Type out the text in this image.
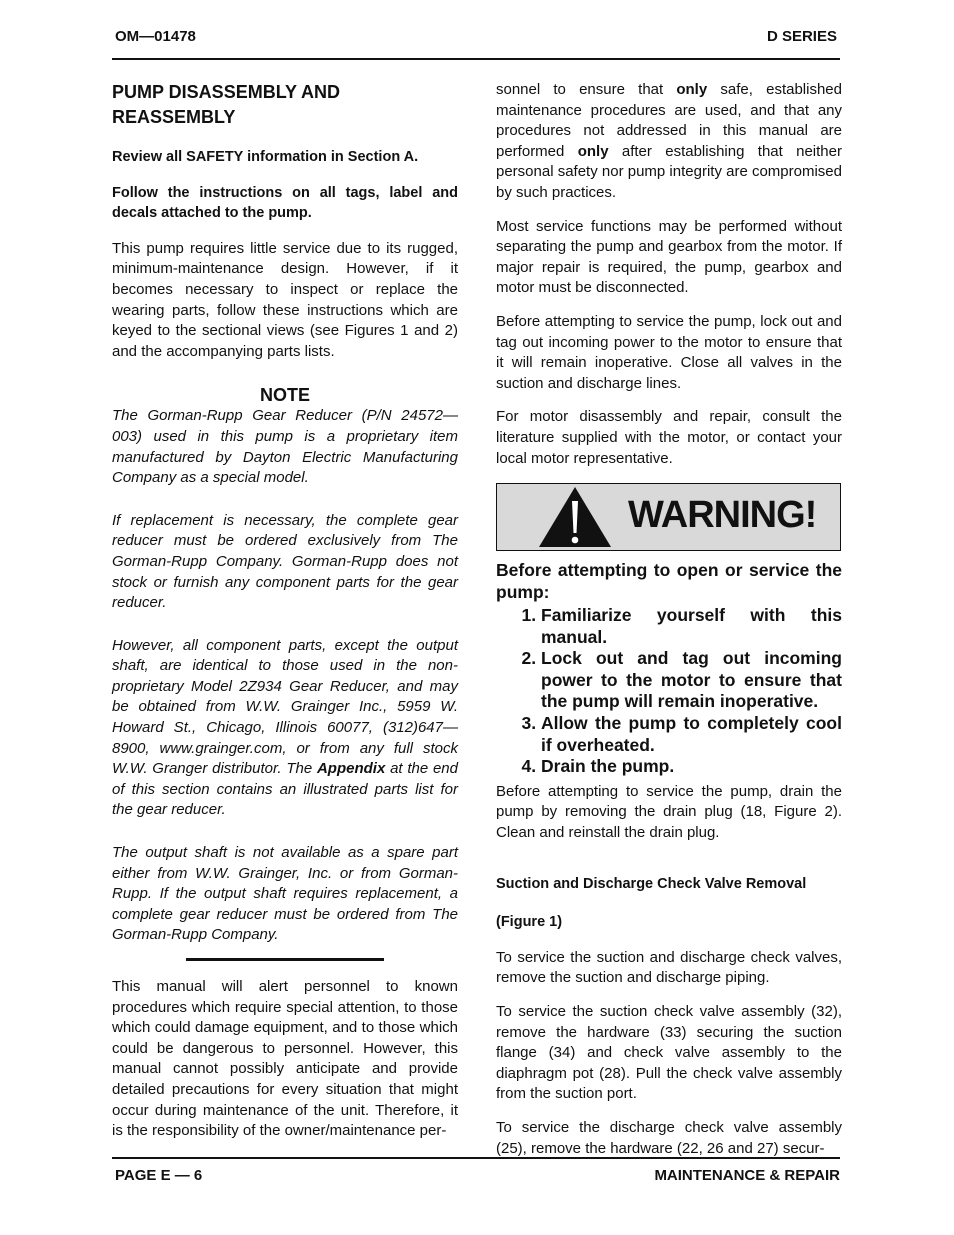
OM—01478	D SERIES

PUMP DISASSEMBLY AND REASSEMBLY

Review all SAFETY information in Section A.

Follow the instructions on all tags, label and decals attached to the pump.

This pump requires little service due to its rugged, minimum-maintenance design. However, if it becomes necessary to inspect or replace the wearing parts, follow these instructions which are keyed to the sectional views (see Figures 1 and 2) and the accompanying parts lists.

NOTE

The Gorman-Rupp Gear Reducer (P/N 24572—003) used in this pump is a proprietary item manufactured by Dayton Electric Manufacturing Company as a special model.

If replacement is necessary, the complete gear reducer must be ordered exclusively from The Gorman-Rupp Company. Gorman-Rupp does not stock or furnish any component parts for the gear reducer.

However, all component parts, except the output shaft, are identical to those used in the non-proprietary Model 2Z934 Gear Reducer, and may be obtained from W.W. Grainger Inc., 5959 W. Howard St., Chicago, Illinois 60077, (312)647—8900, www.grainger.com, or from any full stock W.W. Granger distributor. The Appendix at the end of this section contains an illustrated parts list for the gear reducer.

The output shaft is not available as a spare part either from W.W. Grainger, Inc. or from Gorman-Rupp. If the output shaft requires replacement, a complete gear reducer must be ordered from The Gorman-Rupp Company.

This manual will alert personnel to known procedures which require special attention, to those which could damage equipment, and to those which could be dangerous to personnel. However, this manual cannot possibly anticipate and provide detailed precautions for every situation that might occur during maintenance of the unit. Therefore, it is the responsibility of the owner/maintenance per-

sonnel to ensure that only safe, established maintenance procedures are used, and that any procedures not addressed in this manual are performed only after establishing that neither personal safety nor pump integrity are compromised by such practices.

Most service functions may be performed without separating the pump and gearbox from the motor. If major repair is required, the pump, gearbox and motor must be disconnected.

Before attempting to service the pump, lock out and tag out incoming power to the motor to ensure that it will remain inoperative. Close all valves in the suction and discharge lines.

For motor disassembly and repair, consult the literature supplied with the motor, or contact your local motor representative.

WARNING!

Before attempting to open or service the pump:

1. Familiarize yourself with this manual.
2. Lock out and tag out incoming power to the motor to ensure that the pump will remain inoperative.
3. Allow the pump to completely cool if overheated.
4. Drain the pump.

Before attempting to service the pump, drain the pump by removing the drain plug (18, Figure 2). Clean and reinstall the drain plug.

Suction and Discharge Check Valve Removal

(Figure 1)

To service the suction and discharge check valves, remove the suction and discharge piping.

To service the suction check valve assembly (32), remove the hardware (33) securing the suction flange (34) and check valve assembly to the diaphragm pot (28). Pull the check valve assembly from the suction port.

To service the discharge check valve assembly (25), remove the hardware (22, 26 and 27) secur-

PAGE E — 6	MAINTENANCE & REPAIR
